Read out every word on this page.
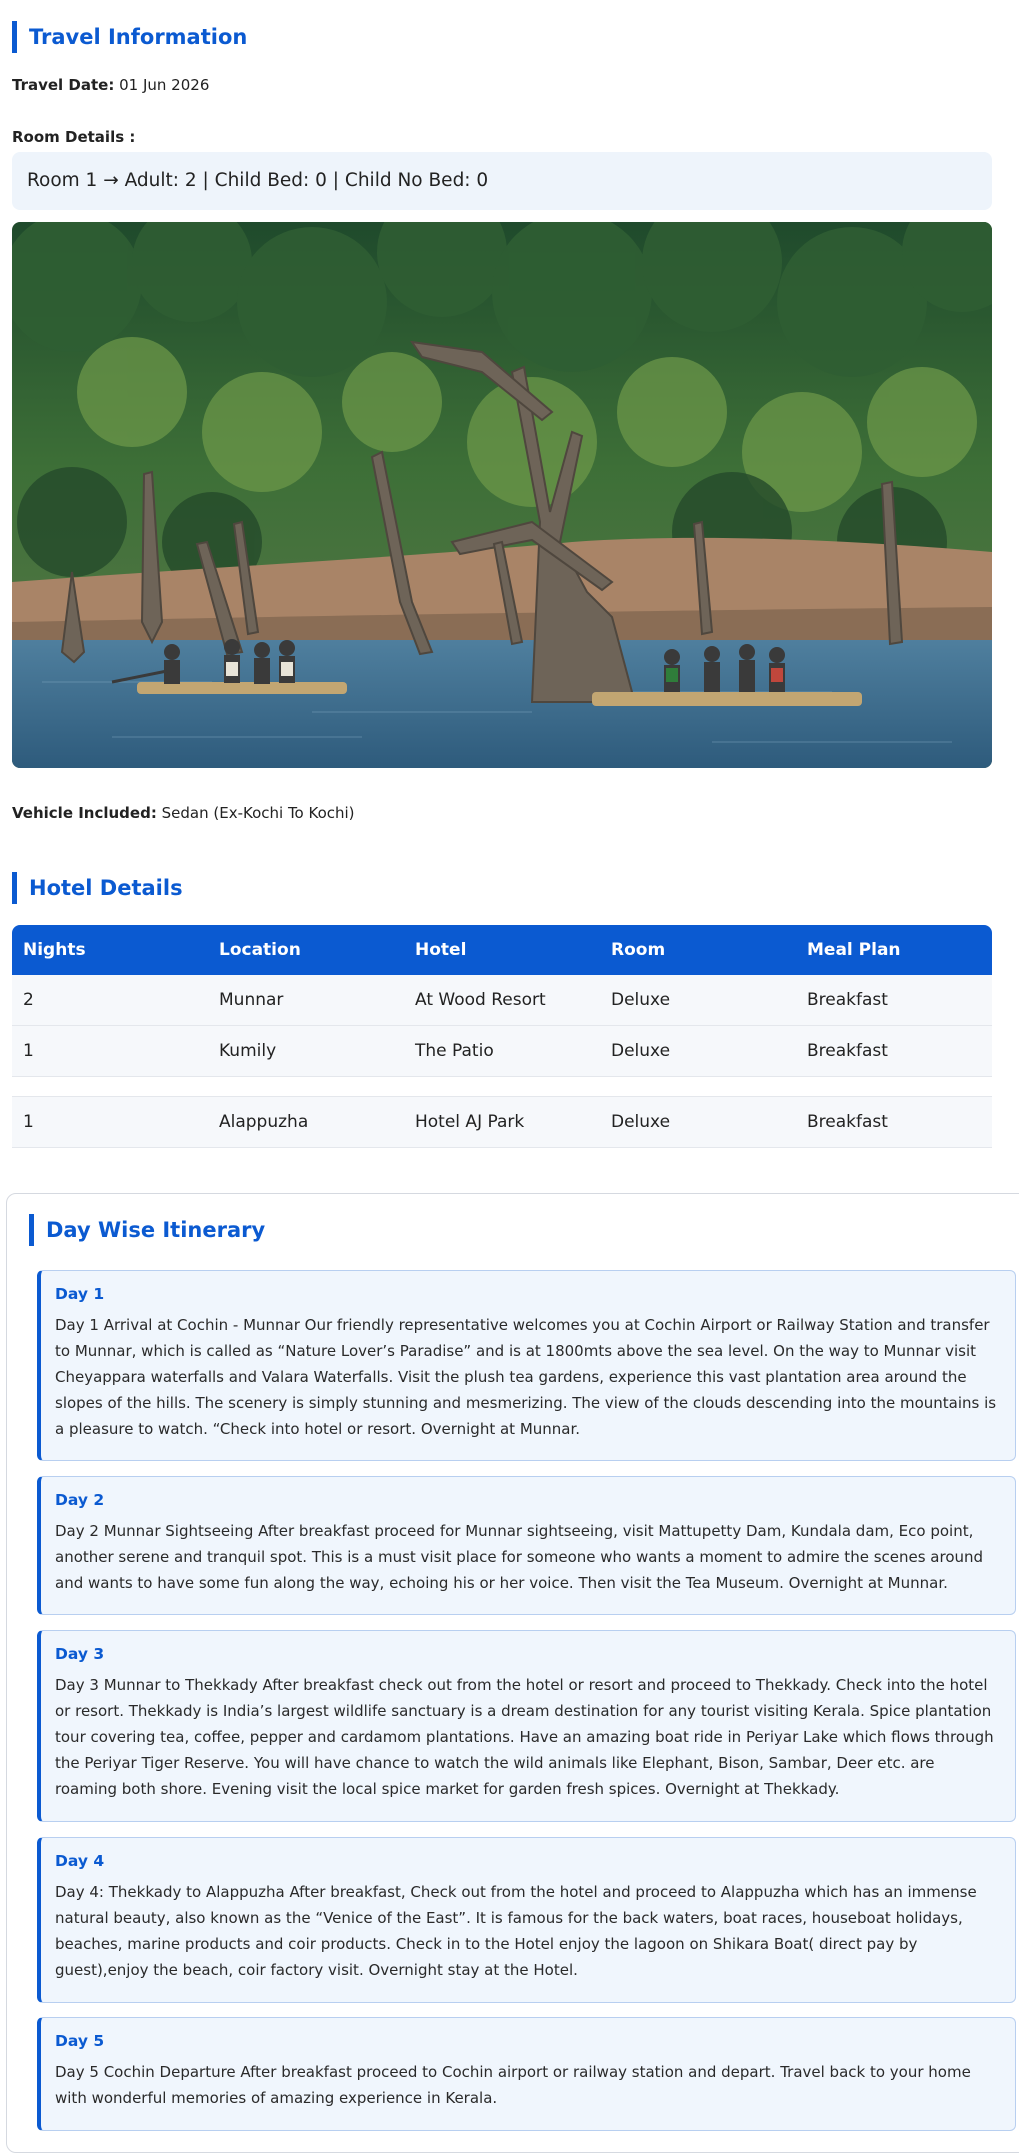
Travel Information
Travel Date: 01 Jun 2026
Room Details :
Room 1 → Adult: 2 | Child Bed: 0 | Child No Bed: 0
Vehicle Included: Sedan (Ex-Kochi To Kochi)
Hotel Details
Nights	Location	Hotel	Room	Meal Plan
2	Munnar	At Wood Resort	Deluxe	Breakfast
1	Kumily	The Patio	Deluxe	Breakfast
1	Alappuzha	Hotel AJ Park	Deluxe	Breakfast
Day Wise Itinerary
Day 1
Day 1 Arrival at Cochin - Munnar Our friendly representative welcomes you at Cochin Airport or Railway Station and transfer to Munnar, which is called as “Nature Lover’s Paradise” and is at 1800mts above the sea level. On the way to Munnar visit Cheyappara waterfalls and Valara Waterfalls. Visit the plush tea gardens, experience this vast plantation area around the slopes of the hills. The scenery is simply stunning and mesmerizing. The view of the clouds descending into the mountains is a pleasure to watch. “Check into hotel or resort. Overnight at Munnar.
Day 2
Day 2 Munnar Sightseeing After breakfast proceed for Munnar sightseeing, visit Mattupetty Dam, Kundala dam, Eco point, another serene and tranquil spot. This is a must visit place for someone who wants a moment to admire the scenes around and wants to have some fun along the way, echoing his or her voice. Then visit the Tea Museum. Overnight at Munnar.
Day 3
Day 3 Munnar to Thekkady After breakfast check out from the hotel or resort and proceed to Thekkady. Check into the hotel or resort. Thekkady is India’s largest wildlife sanctuary is a dream destination for any tourist visiting Kerala. Spice plantation tour covering tea, coffee, pepper and cardamom plantations. Have an amazing boat ride in Periyar Lake which flows through the Periyar Tiger Reserve. You will have chance to watch the wild animals like Elephant, Bison, Sambar, Deer etc. are roaming both shore. Evening visit the local spice market for garden fresh spices. Overnight at Thekkady.
Day 4
Day 4: Thekkady to Alappuzha After breakfast, Check out from the hotel and proceed to Alappuzha which has an immense natural beauty, also known as the “Venice of the East”. It is famous for the back waters, boat races, houseboat holidays, beaches, marine products and coir products. Check in to the Hotel enjoy the lagoon on Shikara Boat( direct pay by guest),enjoy the beach, coir factory visit. Overnight stay at the Hotel.
Day 5
Day 5 Cochin Departure After breakfast proceed to Cochin airport or railway station and depart. Travel back to your home with wonderful memories of amazing experience in Kerala.
